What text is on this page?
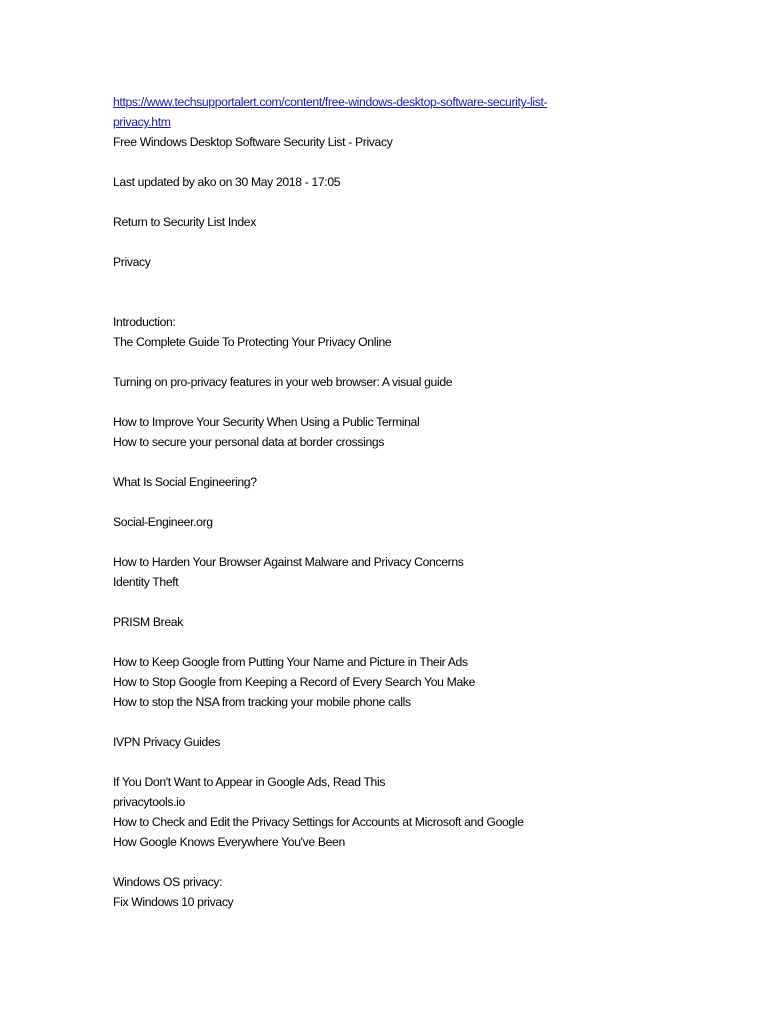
https://www.techsupportalert.com/content/free-windows-desktop-software-security-list-
privacy.htm
Free Windows Desktop Software Security List - Privacy
Last updated by ako on 30 May 2018 - 17:05
Return to Security List Index
Privacy
Introduction:
The Complete Guide To Protecting Your Privacy Online
Turning on pro-privacy features in your web browser: A visual guide
How to Improve Your Security When Using a Public Terminal
How to secure your personal data at border crossings
What Is Social Engineering?
Social-Engineer.org
How to Harden Your Browser Against Malware and Privacy Concerns
Identity Theft
PRISM Break
How to Keep Google from Putting Your Name and Picture in Their Ads
How to Stop Google from Keeping a Record of Every Search You Make
How to stop the NSA from tracking your mobile phone calls
IVPN Privacy Guides
If You Don't Want to Appear in Google Ads, Read This
privacytools.io
How to Check and Edit the Privacy Settings for Accounts at Microsoft and Google
How Google Knows Everywhere You've Been
Windows OS privacy:
Fix Windows 10 privacy
